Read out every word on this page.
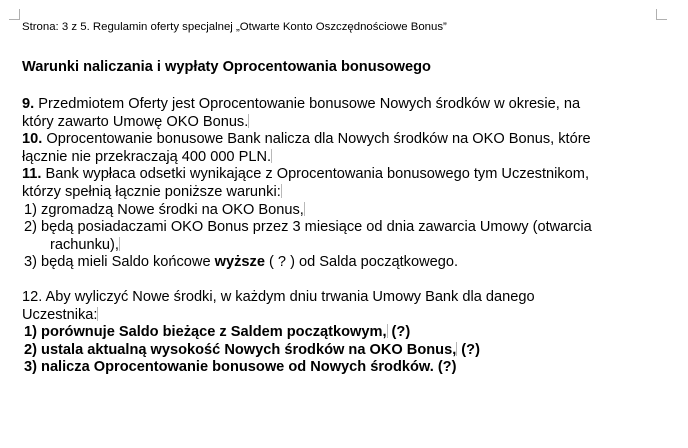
Strona: 3 z 5. Regulamin oferty specjalnej „Otwarte Konto Oszczędnościowe Bonus”

Warunki naliczania i wypłaty Oprocentowania bonusowego

9. Przedmiotem Oferty jest Oprocentowanie bonusowe Nowych środków w okresie, na
który zawarto Umowę OKO Bonus.

10. Oprocentowanie bonusowe Bank nalicza dla Nowych środków na OKO Bonus, które
łącznie nie przekraczają 400 000 PLN.

11. Bank wypłaca odsetki wynikające z Oprocentowania bonusowego tym Uczestnikom,
którzy spełnią łącznie poniższe warunki:

1) zgromadzą Nowe środki na OKO Bonus,

2) będą posiadaczami OKO Bonus przez 3 miesiące od dnia zawarcia Umowy (otwarcia

rachunku),

3) będą mieli Saldo końcowe wyższe ( ? ) od Salda początkowego.

12. Aby wyliczyć Nowe środki, w każdym dniu trwania Umowy Bank dla danego
Uczestnika:

1) porównuje Saldo bieżące z Saldem początkowym, (?)

2) ustala aktualną wysokość Nowych środków na OKO Bonus, (?)

3) nalicza Oprocentowanie bonusowe od Nowych środków. (?)
